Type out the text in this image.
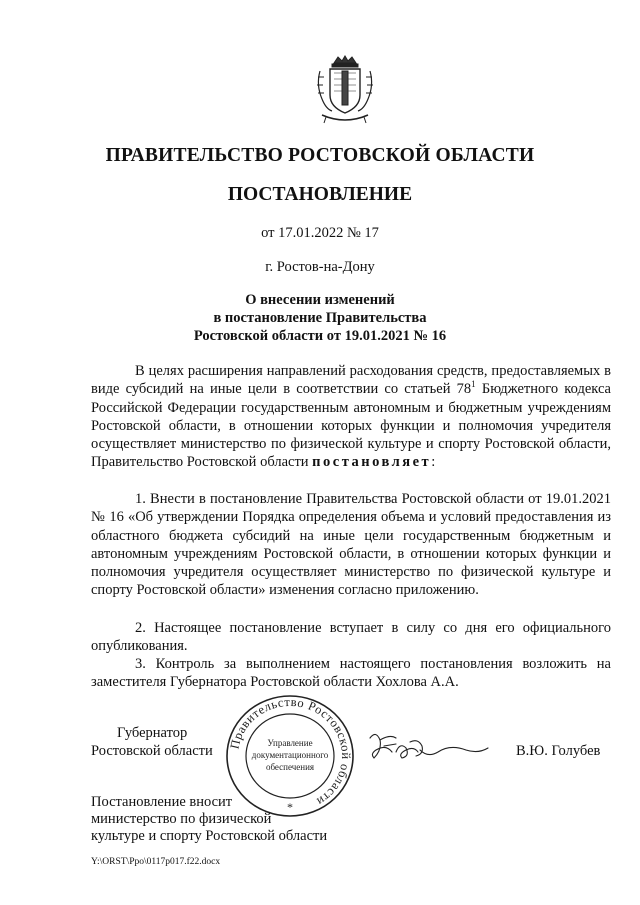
ПРАВИТЕЛЬСТВО РОСТОВСКОЙ ОБЛАСТИ
ПОСТАНОВЛЕНИЕ
от 17.01.2022 № 17
г. Ростов-на-Дону
О внесении изменений
в постановление Правительства
Ростовской области от 19.01.2021 № 16
В целях расширения направлений расходования средств, предоставляемых в виде субсидий на иные цели в соответствии со статьей $78^1$ Бюджетного кодекса Российской Федерации государственным автономным и бюджетным учреждениям Ростовской области, в отношении которых функции и полномочия учредителя осуществляет министерство по физической культуре и спорту Ростовской области, Правительство Ростовской области постановляет:
1. Внести в постановление Правительства Ростовской области от 19.01.2021 № 16 «Об утверждении Порядка определения объема и условий предоставления из областного бюджета субсидий на иные цели государственным бюджетным и автономным учреждениям Ростовской области, в отношении которых функции и полномочия учредителя осуществляет министерство по физической культуре и спорту Ростовской области» изменения согласно приложению.
2. Настоящее постановление вступает в силу со дня его официального опубликования.
3. Контроль за выполнением настоящего постановления возложить на заместителя Губернатора Ростовской области Хохлова А.А.
Губернатор
Ростовской области	В.Ю. Голубев
Правительство Ростовской области
Управление
документационного
обеспечения
*
Постановление вносит
министерство по физической
культуре и спорту Ростовской области
Y:\ORST\Ppo\0117p017.f22.docx
